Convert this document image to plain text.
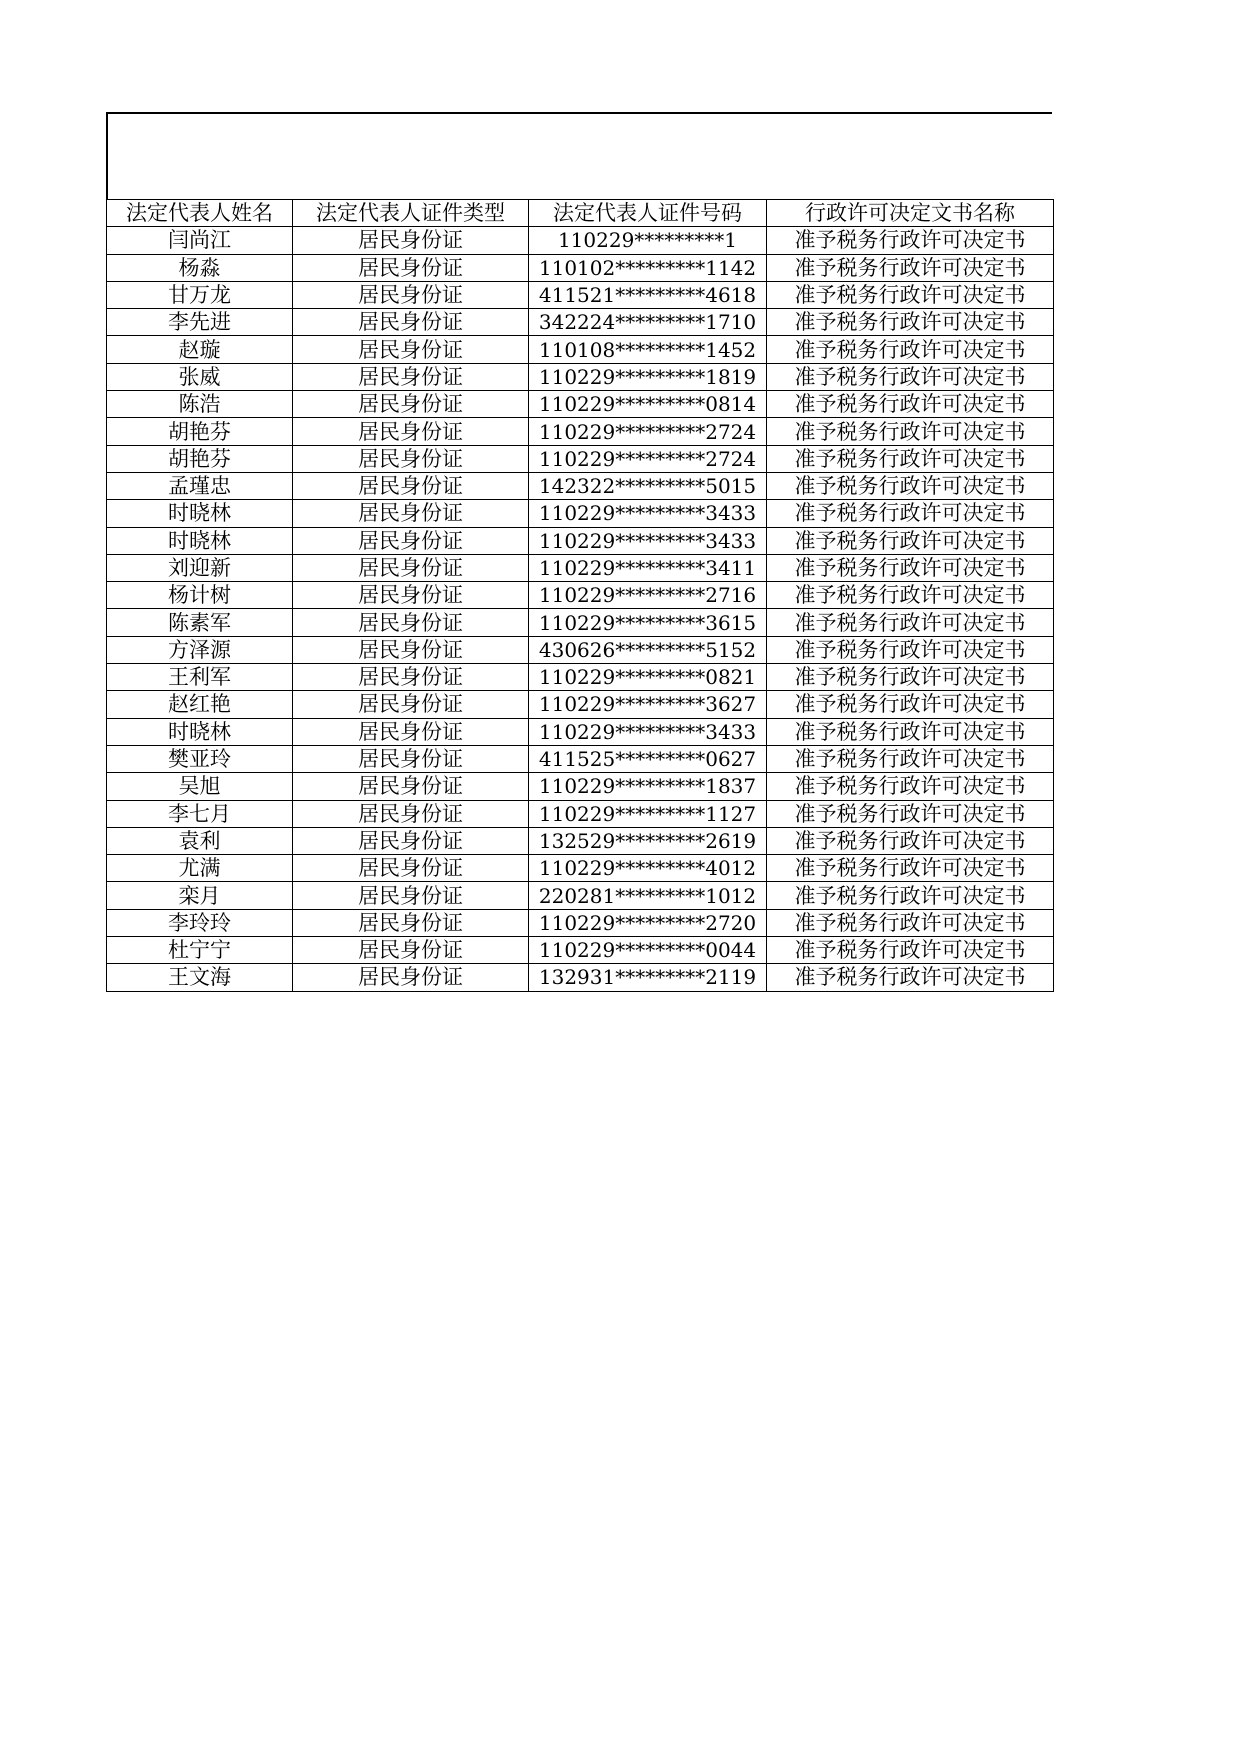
法定代表人姓名	法定代表人证件类型	法定代表人证件号码	行政许可决定文书名称
闫尚江	居民身份证	110229*********1	准予税务行政许可决定书
杨淼	居民身份证	110102*********1142	准予税务行政许可决定书
甘万龙	居民身份证	411521*********4618	准予税务行政许可决定书
李先进	居民身份证	342224*********1710	准予税务行政许可决定书
赵璇	居民身份证	110108*********1452	准予税务行政许可决定书
张威	居民身份证	110229*********1819	准予税务行政许可决定书
陈浩	居民身份证	110229*********0814	准予税务行政许可决定书
胡艳芬	居民身份证	110229*********2724	准予税务行政许可决定书
胡艳芬	居民身份证	110229*********2724	准予税务行政许可决定书
孟瑾忠	居民身份证	142322*********5015	准予税务行政许可决定书
时晓林	居民身份证	110229*********3433	准予税务行政许可决定书
时晓林	居民身份证	110229*********3433	准予税务行政许可决定书
刘迎新	居民身份证	110229*********3411	准予税务行政许可决定书
杨计树	居民身份证	110229*********2716	准予税务行政许可决定书
陈素军	居民身份证	110229*********3615	准予税务行政许可决定书
方泽源	居民身份证	430626*********5152	准予税务行政许可决定书
王利军	居民身份证	110229*********0821	准予税务行政许可决定书
赵红艳	居民身份证	110229*********3627	准予税务行政许可决定书
时晓林	居民身份证	110229*********3433	准予税务行政许可决定书
樊亚玲	居民身份证	411525*********0627	准予税务行政许可决定书
吴旭	居民身份证	110229*********1837	准予税务行政许可决定书
李七月	居民身份证	110229*********1127	准予税务行政许可决定书
袁利	居民身份证	132529*********2619	准予税务行政许可决定书
尤满	居民身份证	110229*********4012	准予税务行政许可决定书
栾月	居民身份证	220281*********1012	准予税务行政许可决定书
李玲玲	居民身份证	110229*********2720	准予税务行政许可决定书
杜宁宁	居民身份证	110229*********0044	准予税务行政许可决定书
王文海	居民身份证	132931*********2119	准予税务行政许可决定书
